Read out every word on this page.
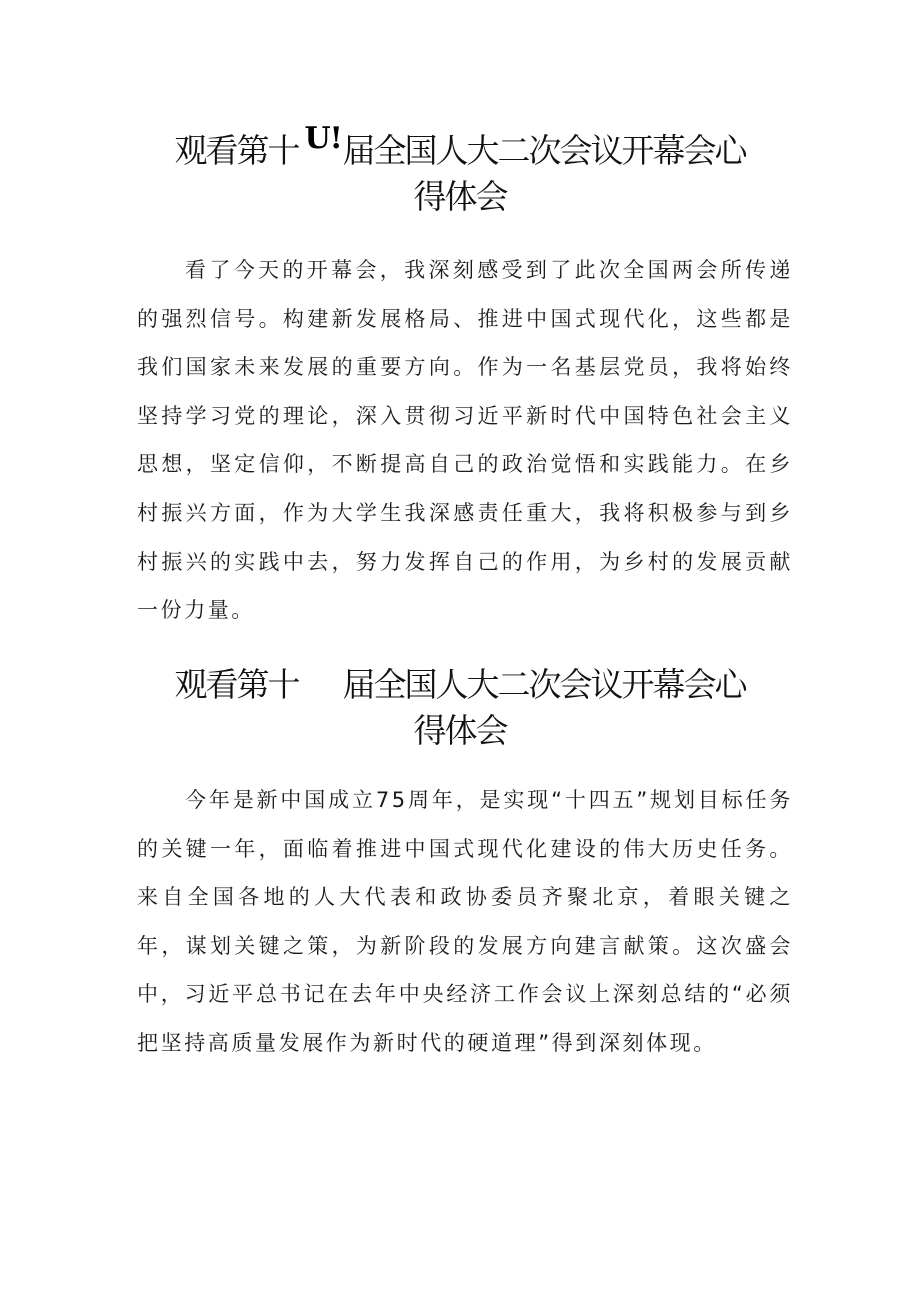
观看第十 U! 届全国人大二次会议开幕会心
得体会

看了今天的开幕会，我深刻感受到了此次全国两会所传递的强烈信号。构建新发展格局、推进中国式现代化，这些都是我们国家未来发展的重要方向。作为一名基层党员，我将始终坚持学习党的理论，深入贯彻习近平新时代中国特色社会主义思想，坚定信仰，不断提高自己的政治觉悟和实践能力。在乡村振兴方面，作为大学生我深感责任重大，我将积极参与到乡村振兴的实践中去，努力发挥自己的作用，为乡村的发展贡献一份力量。

观看第十 届全国人大二次会议开幕会心
得体会

今年是新中国成立75周年，是实现“十四五”规划目标任务的关键一年，面临着推进中国式现代化建设的伟大历史任务。来自全国各地的人大代表和政协委员齐聚北京，着眼关键之年，谋划关键之策，为新阶段的发展方向建言献策。这次盛会中，习近平总书记在去年中央经济工作会议上深刻总结的“必须把坚持高质量发展作为新时代的硬道理”得到深刻体现。
